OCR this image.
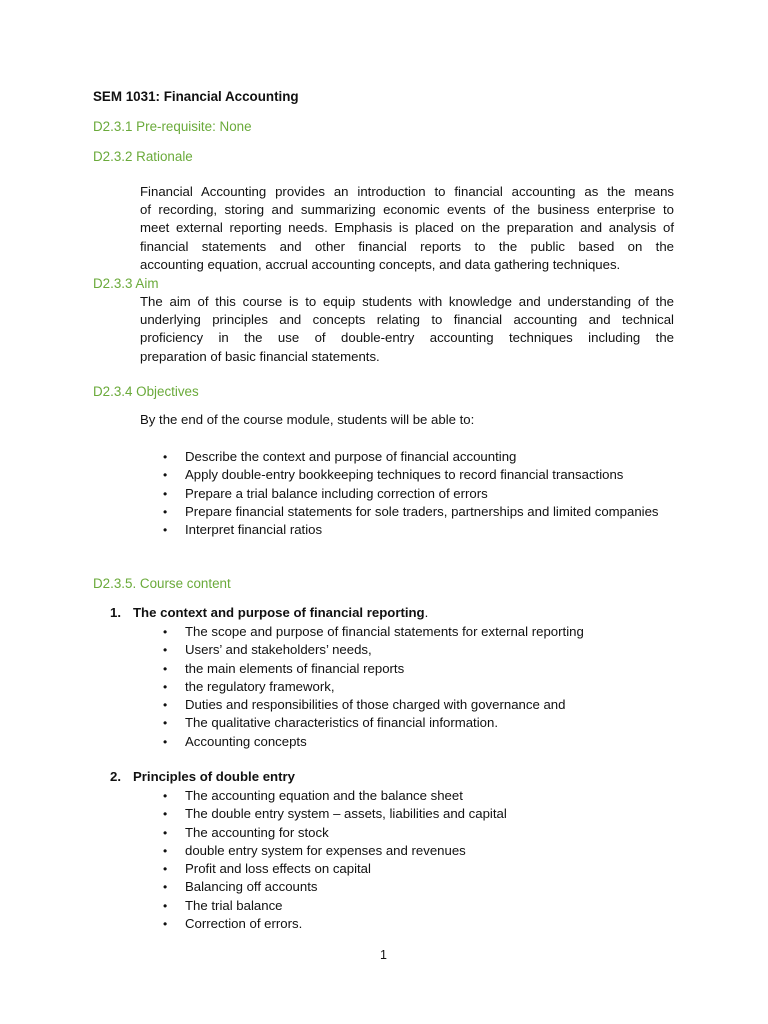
SEM 1031: Financial Accounting
D2.3.1 Pre-requisite: None
D2.3.2 Rationale
Financial Accounting provides an introduction to financial accounting as the means
of recording, storing and summarizing economic events of the business enterprise to
meet external reporting needs. Emphasis is placed on the preparation and analysis of
financial statements and other financial reports to the public based on the
accounting equation, accrual accounting concepts, and data gathering techniques.
D2.3.3 Aim
The aim of this course is to equip students with knowledge and understanding of the
underlying principles and concepts relating to financial accounting and technical
proficiency in the use of double-entry accounting techniques including the
preparation of basic financial statements.
D2.3.4 Objectives
By the end of the course module, students will be able to:
• Describe the context and purpose of financial accounting
• Apply double-entry bookkeeping techniques to record financial transactions
• Prepare a trial balance including correction of errors
• Prepare financial statements for sole traders, partnerships and limited companies
• Interpret financial ratios
D2.3.5. Course content
1. The context and purpose of financial reporting.
• The scope and purpose of financial statements for external reporting
• Users’ and stakeholders’ needs,
• the main elements of financial reports
• the regulatory framework,
• Duties and responsibilities of those charged with governance and
• The qualitative characteristics of financial information.
• Accounting concepts
2. Principles of double entry
• The accounting equation and the balance sheet
• The double entry system – assets, liabilities and capital
• The accounting for stock
• double entry system for expenses and revenues
• Profit and loss effects on capital
• Balancing off accounts
• The trial balance
• Correction of errors.
1
